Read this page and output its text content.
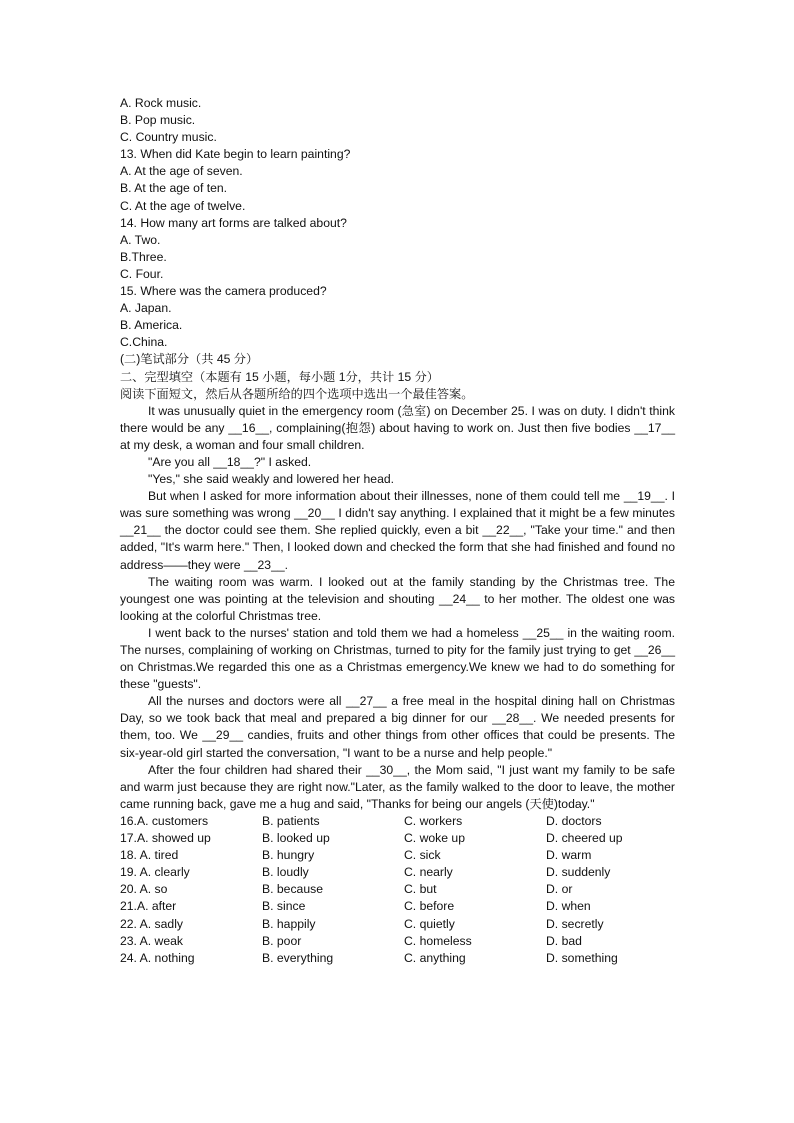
A. Rock music.
B. Pop music.
C. Country music.
13. When did Kate begin to learn painting?
A. At the age of seven.
B. At the age of ten.
C. At the age of twelve.
14. How many art forms are talked about?
A. Two.
B.Three.
C. Four.
15. Where was the camera produced?
A. Japan.
B. America.
C.China.
(二)笔试部分（共 45 分）
二、完型填空（本题有 15 小题，每小题 1分，共计 15 分）
阅读下面短文，然后从各题所给的四个选项中选出一个最佳答案。
It was unusually quiet in the emergency room (急室) on December 25. I was on duty. I didn't think there would be any __16__, complaining(抱怨) about having to work on. Just then five bodies __17__ at my desk, a woman and four small children.
"Are you all __18__?" I asked.
"Yes," she said weakly and lowered her head.
But when I asked for more information about their illnesses, none of them could tell me __19__. I was sure something was wrong __20__ I didn't say anything. I explained that it might be a few minutes __21__ the doctor could see them. She replied quickly, even a bit __22__, "Take your time." and then added, "It's warm here." Then, I looked down and checked the form that she had finished and found no address——they were __23__.
The waiting room was warm. I looked out at the family standing by the Christmas tree. The youngest one was pointing at the television and shouting __24__ to her mother. The oldest one was looking at the colorful Christmas tree.
I went back to the nurses' station and told them we had a homeless __25__ in the waiting room. The nurses, complaining of working on Christmas, turned to pity for the family just trying to get __26__ on Christmas.We regarded this one as a Christmas emergency.We knew we had to do something for these "guests".
All the nurses and doctors were all __27__ a free meal in the hospital dining hall on Christmas Day, so we took back that meal and prepared a big dinner for our __28__. We needed presents for them, too. We __29__ candies, fruits and other things from other offices that could be presents. The six-year-old girl started the conversation, "I want to be a nurse and help people."
After the four children had shared their __30__, the Mom said, "I just want my family to be safe and warm just because they are right now."Later, as the family walked to the door to leave, the mother came running back, gave me a hug and said, "Thanks for being our angels (天使)today."
16.A. customers	B. patients	C. workers	D. doctors
17.A. showed up	B. looked up	C. woke up	D. cheered up
18. A. tired	B. hungry	C. sick	D. warm
19. A. clearly	B. loudly	C. nearly	D. suddenly
20. A. so	B. because	C. but	D. or
21.A. after	B. since	C. before	D. when
22. A. sadly	B. happily	C. quietly	D. secretly
23. A. weak	B. poor	C. homeless	D. bad
24. A. nothing	B. everything	C. anything	D. something
